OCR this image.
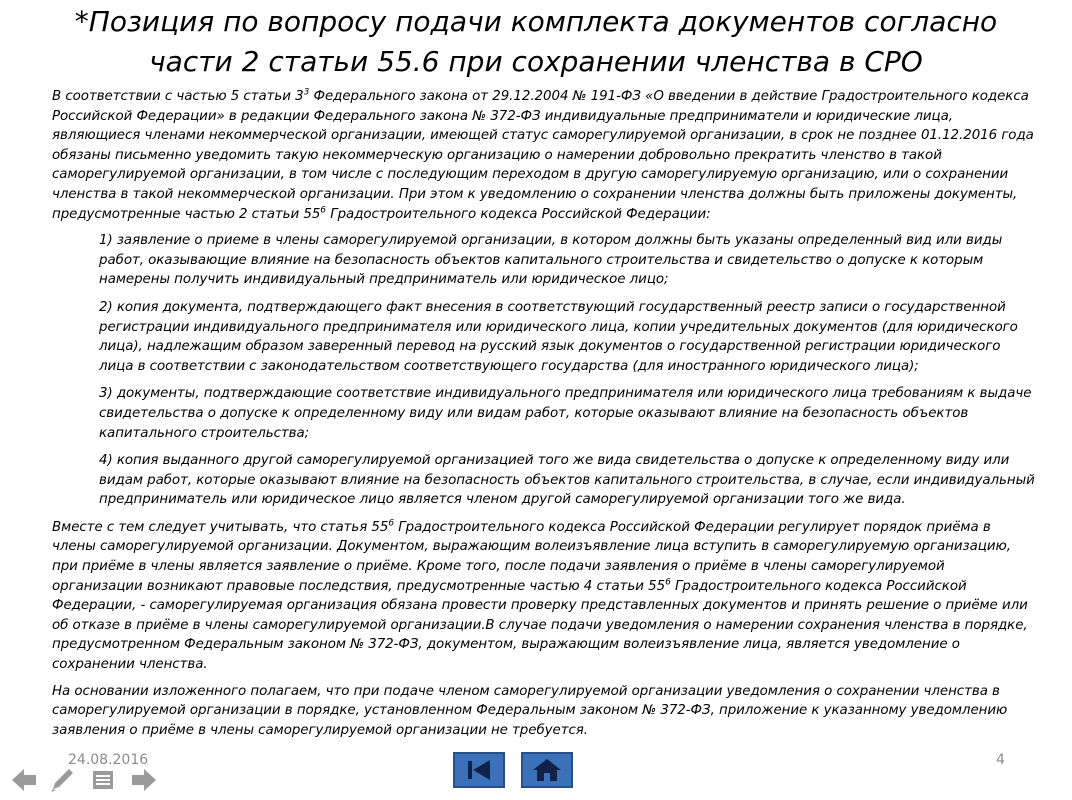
*Позиция по вопросу подачи комплекта документов согласно
части 2 статьи 55.6 при сохранении членства в СРО

В соответствии с частью 5 статьи $3^3$ Федерального закона от 29.12.2004 № 191-ФЗ «О введении в действие Градостроительного кодекса Российской Федерации» в редакции Федерального закона № 372-ФЗ индивидуальные предприниматели и юридические лица, являющиеся членами некоммерческой организации, имеющей статус саморегулируемой организации, в срок не позднее 01.12.2016 года обязаны письменно уведомить такую некоммерческую организацию о намерении добровольно прекратить членство в такой саморегулируемой организации, в том числе с последующим переходом в другую саморегулируемую организацию, или о сохранении членства в такой некоммерческой организации. При этом к уведомлению о сохранении членства должны быть приложены документы, предусмотренные частью 2 статьи $55^6$ Градостроительного кодекса Российской Федерации:

1) заявление о приеме в члены саморегулируемой организации, в котором должны быть указаны определенный вид или виды работ, оказывающие влияние на безопасность объектов капитального строительства и свидетельство о допуске к которым намерены получить индивидуальный предприниматель или юридическое лицо;

2) копия документа, подтверждающего факт внесения в соответствующий государственный реестр записи о государственной регистрации индивидуального предпринимателя или юридического лица, копии учредительных документов (для юридического лица), надлежащим образом заверенный перевод на русский язык документов о государственной регистрации юридического лица в соответствии с законодательством соответствующего государства (для иностранного юридического лица);

3) документы, подтверждающие соответствие индивидуального предпринимателя или юридического лица требованиям к выдаче свидетельства о допуске к определенному виду или видам работ, которые оказывают влияние на безопасность объектов капитального строительства;

4) копия выданного другой саморегулируемой организацией того же вида свидетельства о допуске к определенному виду или видам работ, которые оказывают влияние на безопасность объектов капитального строительства, в случае, если индивидуальный предприниматель или юридическое лицо является членом другой саморегулируемой организации того же вида.

Вместе с тем следует учитывать, что статья $55^6$ Градостроительного кодекса Российской Федерации регулирует порядок приёма в члены саморегулируемой организации. Документом, выражающим волеизъявление лица вступить в саморегулируемую организацию, при приёме в члены является заявление о приёме. Кроме того, после подачи заявления о приёме в члены саморегулируемой организации возникают правовые последствия, предусмотренные частью 4 статьи $55^6$ Градостроительного кодекса Российской Федерации, - саморегулируемая организация обязана провести проверку представленных документов и принять решение о приёме или об отказе в приёме в члены саморегулируемой организации.В случае подачи уведомления о намерении сохранения членства в порядке, предусмотренном Федеральным законом № 372-ФЗ, документом, выражающим волеизъявление лица, является уведомление о сохранении членства.

На основании изложенного полагаем, что при подаче членом саморегулируемой организации уведомления о сохранении членства в саморегулируемой организации в порядке, установленном Федеральным законом № 372-ФЗ, приложение к указанному уведомлению заявления о приёме в члены саморегулируемой организации не требуется.

24.08.2016	4
